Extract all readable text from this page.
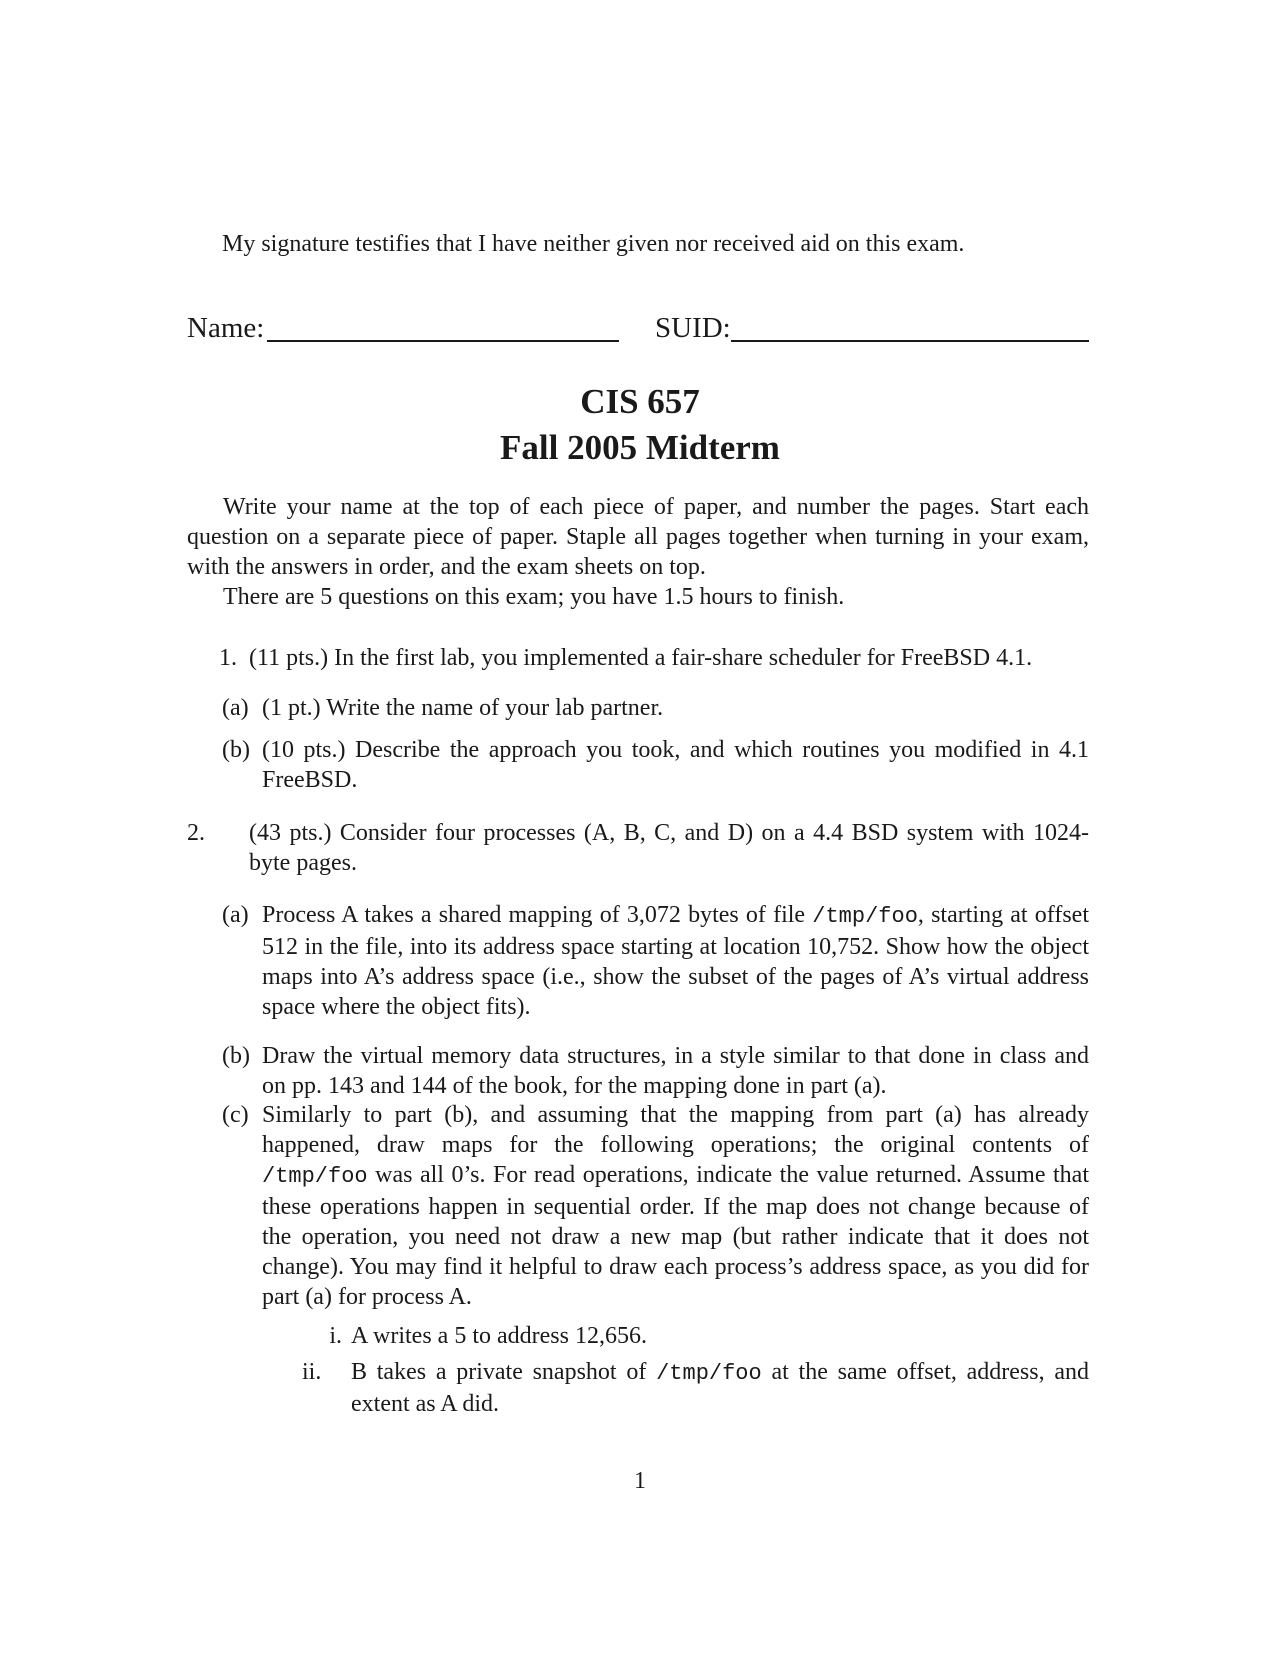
My signature testifies that I have neither given nor received aid on this exam.
Name:	SUID:
CIS 657
Fall 2005 Midterm

Write your name at the top of each piece of paper, and number the pages. Start each question on a separate piece of paper. Staple all pages together when turning in your exam, with the answers in order, and the exam sheets on top.

There are 5 questions on this exam; you have 1.5 hours to finish.

1. (11 pts.) In the first lab, you implemented a fair-share scheduler for FreeBSD 4.1.
(a) (1 pt.) Write the name of your lab partner.
(b) (10 pts.) Describe the approach you took, and which routines you modified in 4.1 FreeBSD.
2.	(43 pts.) Consider four processes (A, B, C, and D) on a 4.4 BSD system with 1024-byte pages.
(a) Process A takes a shared mapping of 3,072 bytes of file /tmp/foo, starting at offset 512 in the file, into its address space starting at location 10,752. Show how the object maps into A’s address space (i.e., show the subset of the pages of A’s virtual address space where the object fits).
(b) Draw the virtual memory data structures, in a style similar to that done in class and on pp. 143 and 144 of the book, for the mapping done in part (a).
(c) Similarly to part (b), and assuming that the mapping from part (a) has already happened, draw maps for the following operations; the original contents of /tmp/foo was all 0’s. For read operations, indicate the value returned. Assume that these operations happen in sequential order. If the map does not change because of the operation, you need not draw a new map (but rather indicate that it does not change). You may find it helpful to draw each process’s address space, as you did for part (a) for process A.
i. A writes a 5 to address 12,656.
ii.	B takes a private snapshot of /tmp/foo at the same offset, address, and extent as A did.
1
